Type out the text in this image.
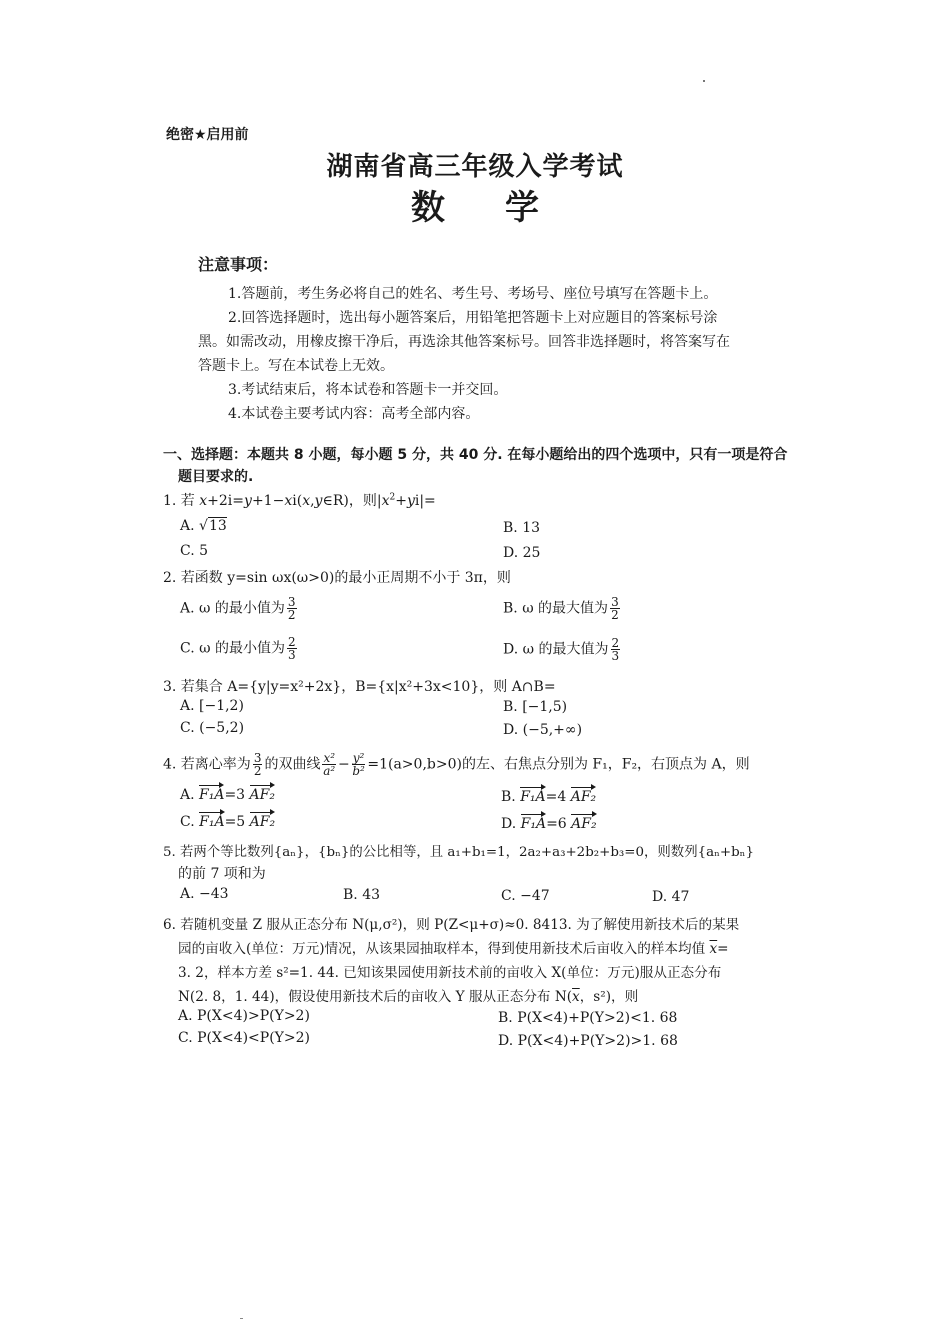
绝密★启用前
湖南省高三年级入学考试
数学
注意事项：
1.答题前，考生务必将自己的姓名、考生号、考场号、座位号填写在答题卡上。
2.回答选择题时，选出每小题答案后，用铅笔把答题卡上对应题目的答案标号涂
黑。如需改动，用橡皮擦干净后，再选涂其他答案标号。回答非选择题时，将答案写在
答题卡上。写在本试卷上无效。
3.考试结束后，将本试卷和答题卡一并交回。
4.本试卷主要考试内容：高考全部内容。
一、选择题：本题共 8 小题，每小题 5 分，共 40 分. 在每小题给出的四个选项中，只有一项是符合
题目要求的.
1. 若 x+2i=y+1−xi(x,y∈R)，则$|x^2+yi|=$
A. √13	B. 13
C. 5	D. 25
2. 若函数 y=sin ωx(ω>0)的最小正周期不小于 3π，则
A. ω 的最小值为 $\frac{3}{2}$	B. ω 的最大值为 $\frac{3}{2}$
C. ω 的最小值为 $\frac{2}{3}$	D. ω 的最大值为 $\frac{2}{3}$
3. 若集合 A={y|y=x²+2x}，B={x|x²+3x<10}，则 A∩B=
A. [−1,2)	B. [−1,5)
C. (−5,2)	D. (−5,+∞)
4. 若离心率为 $\frac{3}{2}$ 的双曲线 $\frac{\text{x²}}{\text{a²}} - \frac{\text{y²}}{\text{b²}} =1(a>0,b>0)$的左、右焦点分别为 F₁，F₂，右顶点为 A，则
A. F₁A=3 AF₂	B. F₁A=4 AF₂
C. F₁A=5 AF₂	D. F₁A=6 AF₂
5. 若两个等比数列{aₙ}，{bₙ}的公比相等，且 a₁+b₁=1，2a₂+a₃+2b₂+b₃=0，则数列{aₙ+bₙ}
的前 7 项和为
A. −43	B. 43	C. −47	D. 47
6. 若随机变量 Z 服从正态分布 N(μ,σ²)，则 P(Z<μ+σ)≈0. 8413. 为了解使用新技术后的某果
园的亩收入(单位：万元)情况，从该果园抽取样本，得到使用新技术后亩收入的样本均值 $\overline{x}=$
3. 2，样本方差 s²=1. 44. 已知该果园使用新技术前的亩收入 X(单位：万元)服从正态分布
N(2. 8，1. 44)，假设使用新技术后的亩收入 Y 服从正态分布 $N(\overline{x}$，s²)，则
A. P(X<4)>P(Y>2)	B. P(X<4)+P(Y>2)<1. 68
C. P(X<4)<P(Y>2)	D. P(X<4)+P(Y>2)>1. 68
